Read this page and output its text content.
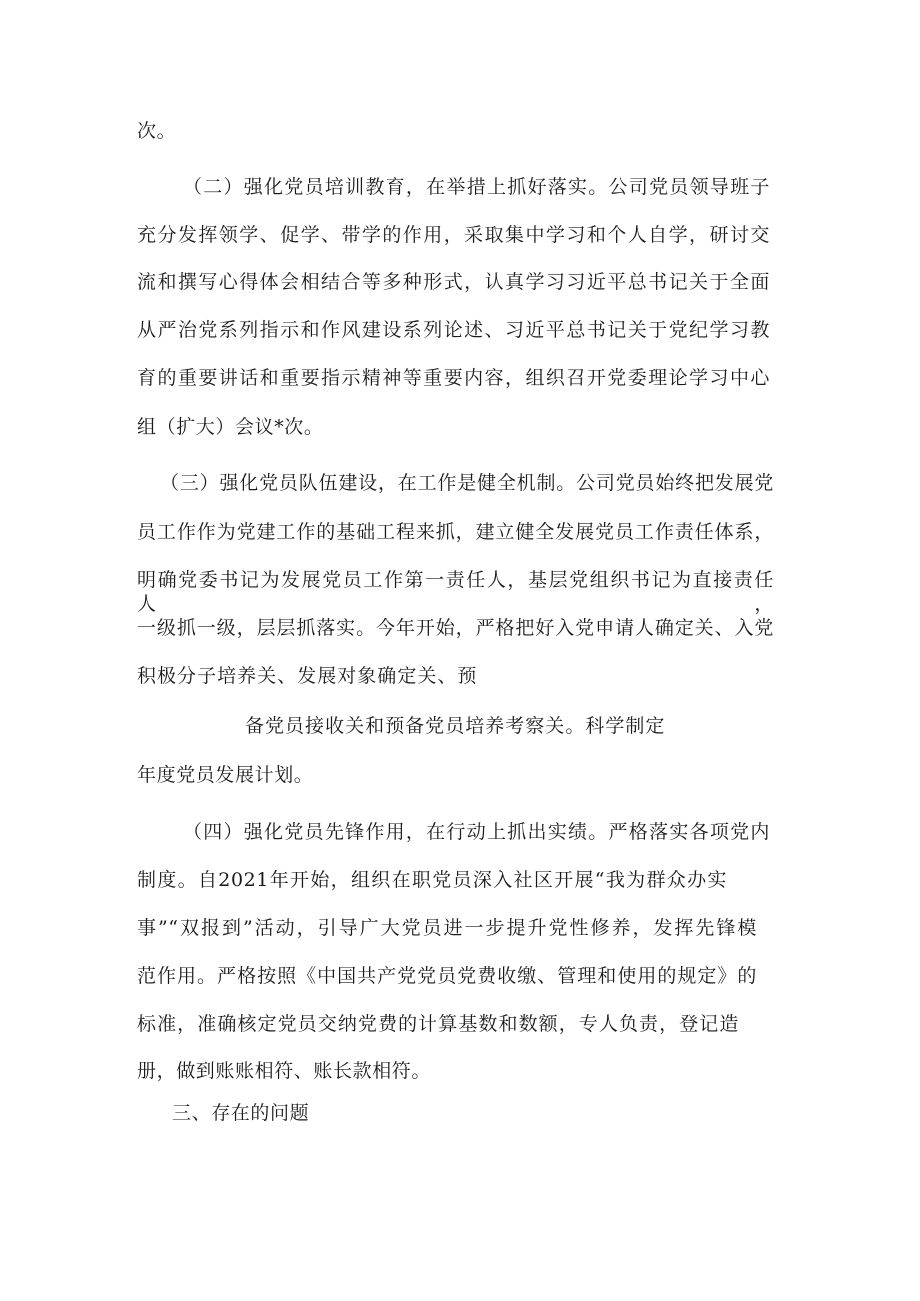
次。
（二）强化党员培训教育，在举措上抓好落实。公司党员领导班子
充分发挥领学、促学、带学的作用，采取集中学习和个人自学，研讨交
流和撰写心得体会相结合等多种形式，认真学习习近平总书记关于全面
从严治党系列指示和作风建设系列论述、习近平总书记关于党纪学习教
育的重要讲话和重要指示精神等重要内容，组织召开党委理论学习中心
组（扩大）会议*次。
（三）强化党员队伍建设，在工作是健全机制。公司党员始终把发展党
员工作作为党建工作的基础工程来抓，建立健全发展党员工作责任体系，
明确党委书记为发展党员工作第一责任人，基层党组织书记为直接责任人，
一级抓一级，层层抓落实。今年开始，严格把好入党申请人确定关、入党
积极分子培养关、发展对象确定关、预
备党员接收关和预备党员培养考察关。科学制定
年度党员发展计划。
（四）强化党员先锋作用，在行动上抓出实绩。严格落实各项党内
制度。自2021年开始，组织在职党员深入社区开展“我为群众办实
事”“双报到”活动，引导广大党员进一步提升党性修养，发挥先锋模
范作用。严格按照《中国共产党党员党费收缴、管理和使用的规定》的
标准，准确核定党员交纳党费的计算基数和数额，专人负责，登记造
册，做到账账相符、账长款相符。
三、存在的问题
